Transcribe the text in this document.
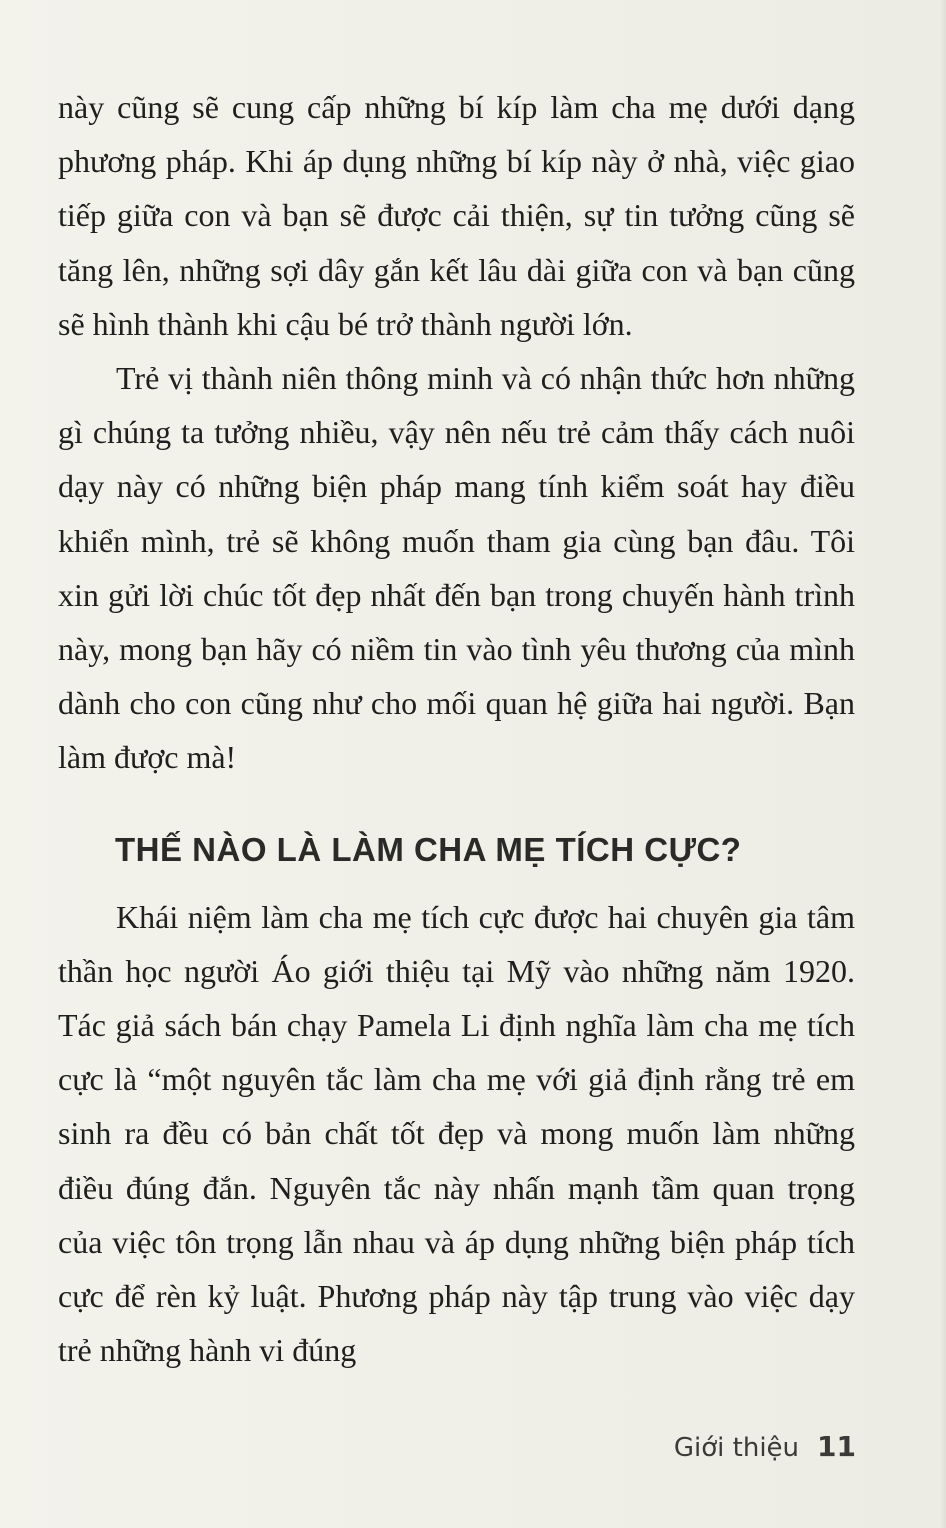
này cũng sẽ cung cấp những bí kíp làm cha mẹ dưới dạng phương pháp. Khi áp dụng những bí kíp này ở nhà, việc giao tiếp giữa con và bạn sẽ được cải thiện, sự tin tưởng cũng sẽ tăng lên, những sợi dây gắn kết lâu dài giữa con và bạn cũng sẽ hình thành khi cậu bé trở thành người lớn.

Trẻ vị thành niên thông minh và có nhận thức hơn những gì chúng ta tưởng nhiều, vậy nên nếu trẻ cảm thấy cách nuôi dạy này có những biện pháp mang tính kiểm soát hay điều khiển mình, trẻ sẽ không muốn tham gia cùng bạn đâu. Tôi xin gửi lời chúc tốt đẹp nhất đến bạn trong chuyến hành trình này, mong bạn hãy có niềm tin vào tình yêu thương của mình dành cho con cũng như cho mối quan hệ giữa hai người. Bạn làm được mà!

THẾ NÀO LÀ LÀM CHA MẸ TÍCH CỰC?

Khái niệm làm cha mẹ tích cực được hai chuyên gia tâm thần học người Áo giới thiệu tại Mỹ vào những năm 1920. Tác giả sách bán chạy Pamela Li định nghĩa làm cha mẹ tích cực là “một nguyên tắc làm cha mẹ với giả định rằng trẻ em sinh ra đều có bản chất tốt đẹp và mong muốn làm những điều đúng đắn. Nguyên tắc này nhấn mạnh tầm quan trọng của việc tôn trọng lẫn nhau và áp dụng những biện pháp tích cực để rèn kỷ luật. Phương pháp này tập trung vào việc dạy trẻ những hành vi đúng

Giới thiệu 11
